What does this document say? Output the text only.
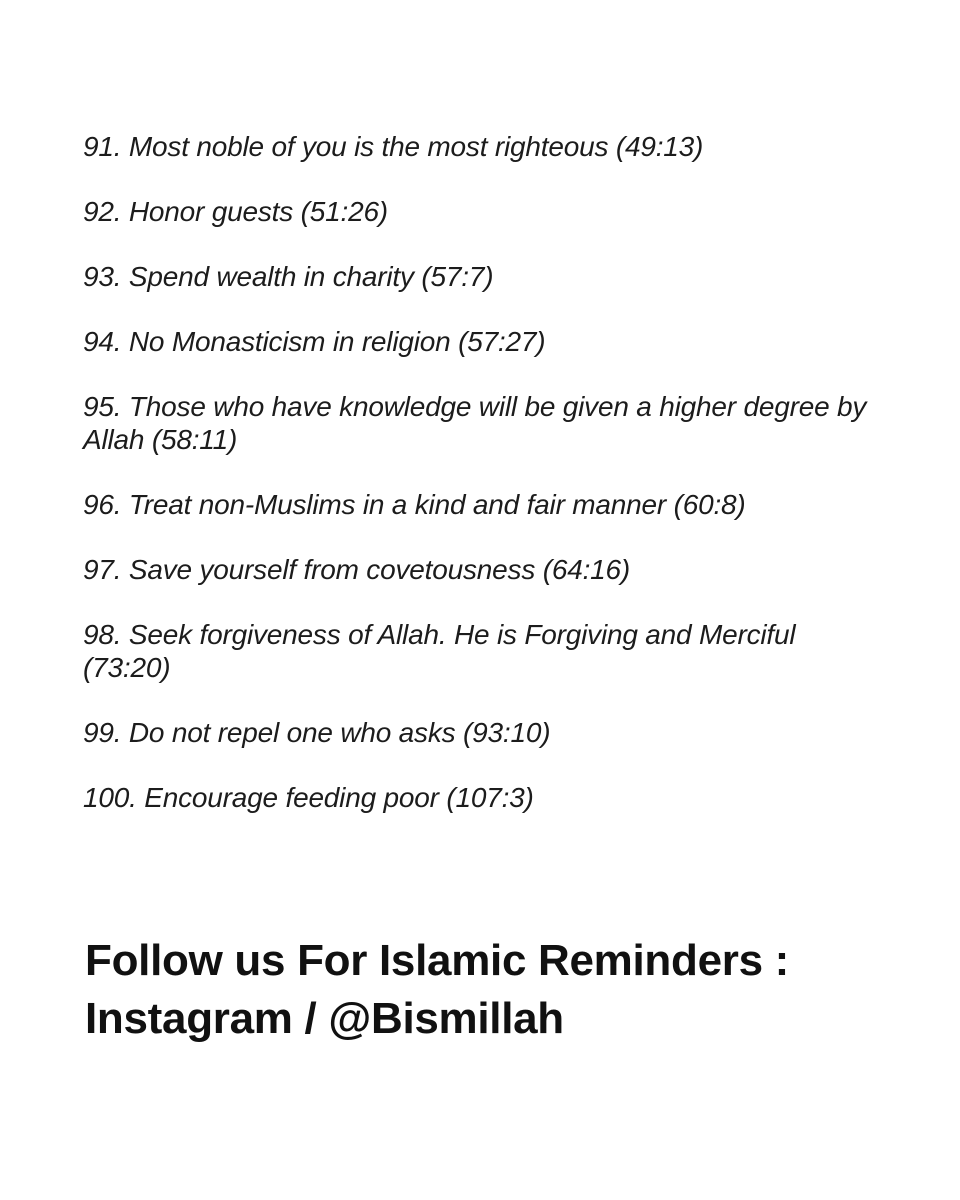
91. Most noble of you is the most righteous (49:13)
92. Honor guests (51:26)
93. Spend wealth in charity (57:7)
94. No Monasticism in religion (57:27)
95. Those who have knowledge will be given a higher degree by Allah (58:11)
96. Treat non-Muslims in a kind and fair manner (60:8)
97. Save yourself from covetousness (64:16)
98. Seek forgiveness of Allah. He is Forgiving and Merciful (73:20)
99. Do not repel one who asks (93:10)
100. Encourage feeding poor (107:3)
Follow us For Islamic Reminders :
Instagram / @Bismillah
